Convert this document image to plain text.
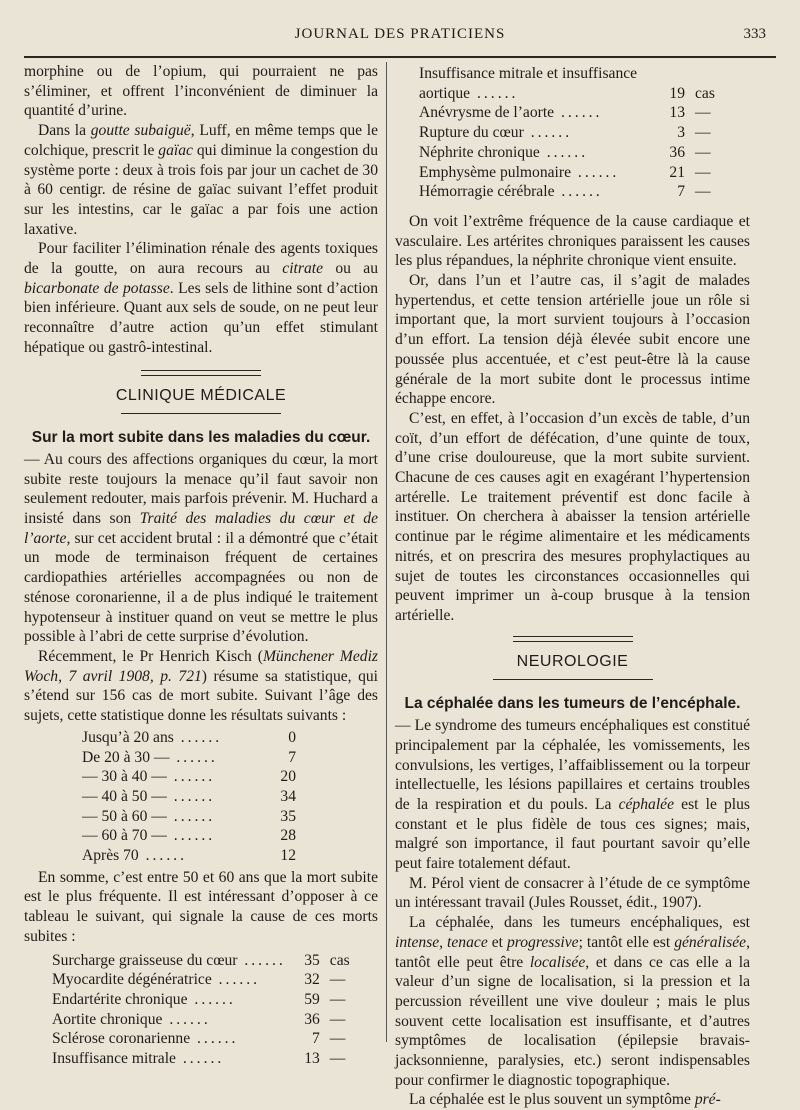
JOURNAL DES PRATICIENS	333

morphine ou de l’opium, qui pourraient ne pas s’éliminer, et offrent l’inconvénient de diminuer la quantité d’urine.

Dans la goutte subaiguë, Luff, en même temps que le colchique, prescrit le gaïac qui diminue la congestion du système porte : deux à trois fois par jour un cachet de 30 à 60 centigr. de résine de gaïac suivant l’effet produit sur les intestins, car le gaïac a par fois une action laxative.

Pour faciliter l’élimination rénale des agents toxiques de la goutte, on aura recours au citrate ou au bicarbonate de potasse. Les sels de lithine sont d’action bien inférieure. Quant aux sels de soude, on ne peut leur reconnaître d’autre action qu’un effet stimulant hépatique ou gastrô-intestinal.

CLINIQUE MÉDICALE
Sur la mort subite dans les maladies du cœur.

— Au cours des affections organiques du cœur, la mort subite reste toujours la menace qu’il faut savoir non seulement redouter, mais parfois prévenir. M. Huchard a insisté dans son Traité des maladies du cœur et de l’aorte, sur cet accident brutal : il a démontré que c’était un mode de terminaison fréquent de certaines cardiopathies artérielles accompagnées ou non de sténose coronarienne, il a de plus indiqué le traitement hypotenseur à instituer quand on veut se mettre le plus possible à l’abri de cette surprise d’évolution.

Récemment, le Pr Henrich Kisch (Münchener Mediz Woch, 7 avril 1908, p. 721) résume sa statistique, qui s’étend sur 156 cas de mort subite. Suivant l’âge des sujets, cette statistique donne les résultats suivants :

Jusqu’à 20 ans ......	0
De 20 à 30 — ......	7
— 30 à 40 — ......	20
— 40 à 50 — ......	34
— 50 à 60 — ......	35
— 60 à 70 — ......	28
Après 70 ......	12

En somme, c’est entre 50 et 60 ans que la mort subite est le plus fréquente. Il est intéressant d’opposer à ce tableau le suivant, qui signale la cause de ces morts subites :

Surcharge graisseuse du cœur ......	35	cas
Myocardite dégénératrice ......	32	—
Endartérite chronique ......	59	—
Aortite chronique ......	36	—
Sclérose coronarienne ......	7	—
Insuffisance mitrale ......	13	—
Insuffisance mitrale et insuffisance		
aortique ......	19	cas
Anévrysme de l’aorte ......	13	—
Rupture du cœur ......	3	—
Néphrite chronique ......	36	—
Emphysème pulmonaire ......	21	—
Hémorragie cérébrale ......	7	—

On voit l’extrême fréquence de la cause cardiaque et vasculaire. Les artérites chroniques paraissent les causes les plus répandues, la néphrite chronique vient ensuite.

Or, dans l’un et l’autre cas, il s’agit de malades hypertendus, et cette tension artérielle joue un rôle si important que, la mort survient toujours à l’occasion d’un effort. La tension déjà élevée subit encore une poussée plus accentuée, et c’est peut-être là la cause générale de la mort subite dont le processus intime échappe encore.

C’est, en effet, à l’occasion d’un excès de table, d’un coït, d’un effort de défécation, d’une quinte de toux, d’une crise douloureuse, que la mort subite survient. Chacune de ces causes agit en exagérant l’hypertension artérelle. Le traitement préventif est donc facile à instituer. On cherchera à abaisser la tension artérielle continue par le régime alimentaire et les médicaments nitrés, et on prescrira des mesures prophylactiques au sujet de toutes les circonstances occasionnelles qui peuvent imprimer un à-coup brusque à la tension artérielle.

NEUROLOGIE
La céphalée dans les tumeurs de l’encéphale.

— Le syndrome des tumeurs encéphaliques est constitué principalement par la céphalée, les vomissements, les convulsions, les vertiges, l’affaiblissement ou la torpeur intellectuelle, les lésions papillaires et certains troubles de la respiration et du pouls. La céphalée est le plus constant et le plus fidèle de tous ces signes; mais, malgré son importance, il faut pourtant savoir qu’elle peut faire totalement défaut.

M. Pérol vient de consacrer à l’étude de ce symptôme un intéressant travail (Jules Rousset, édit., 1907).

La céphalée, dans les tumeurs encéphaliques, est intense, tenace et progressive; tantôt elle est généralisée, tantôt elle peut être localisée, et dans ce cas elle a la valeur d’un signe de localisation, si la pression et la percussion réveillent une vive douleur ; mais le plus souvent cette localisation est insuffisante, et d’autres symptômes de localisation (épilepsie bravais-jacksonnienne, paralysies, etc.) seront indispensables pour confirmer le diagnostic topographique.

La céphalée est le plus souvent un symptôme pré-
